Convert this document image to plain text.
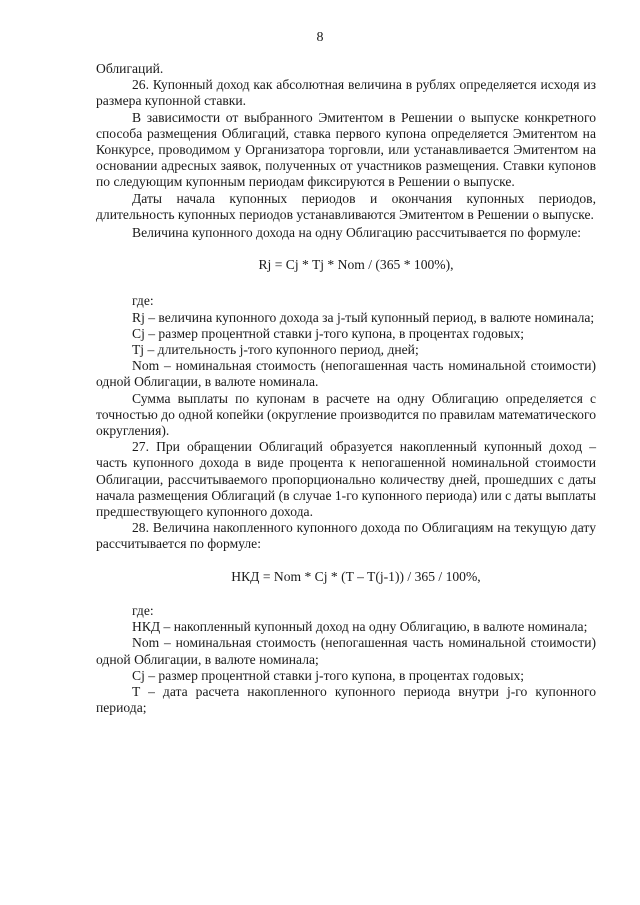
8

Облигаций.

26. Купонный доход как абсолютная величина в рублях определяется исходя из размера купонной ставки.

В зависимости от выбранного Эмитентом в Решении о выпуске конкретного способа размещения Облигаций, ставка первого купона определяется Эмитентом на Конкурсе, проводимом у Организатора торговли, или устанавливается Эмитентом на основании адресных заявок, полученных от участников размещения. Ставки купонов по следующим купонным периодам фиксируются в Решении о выпуске.

Даты начала купонных периодов и окончания купонных периодов, длительность купонных периодов устанавливаются Эмитентом в Решении о выпуске.

Величина купонного дохода на одну Облигацию рассчитывается по формуле:

Rj = Cj * Tj * Nom / (365 * 100%),

где:

Rj – величина купонного дохода за j-тый купонный период, в валюте номинала;

Cj – размер процентной ставки j-того купона, в процентах годовых;

Tj – длительность j-того купонного период, дней;

Nom – номинальная стоимость (непогашенная часть номинальной стоимости) одной Облигации, в валюте номинала.

Сумма выплаты по купонам в расчете на одну Облигацию определяется с точностью до одной копейки (округление производится по правилам математического округления).

27. При обращении Облигаций образуется накопленный купонный доход – часть купонного дохода в виде процента к непогашенной номинальной стоимости Облигации, рассчитываемого пропорционально количеству дней, прошедших с даты начала размещения Облигаций (в случае 1-го купонного периода) или с даты выплаты предшествующего купонного дохода.

28. Величина накопленного купонного дохода по Облигациям на текущую дату рассчитывается по формуле:

НКД = Nom * Cj * (T – T(j-1)) / 365 / 100%,

где:

НКД – накопленный купонный доход на одну Облигацию, в валюте номинала;

Nom – номинальная стоимость (непогашенная часть номинальной стоимости) одной Облигации, в валюте номинала;

Cj – размер процентной ставки j-того купона, в процентах годовых;

T – дата расчета накопленного купонного периода внутри j-го купонного периода;
